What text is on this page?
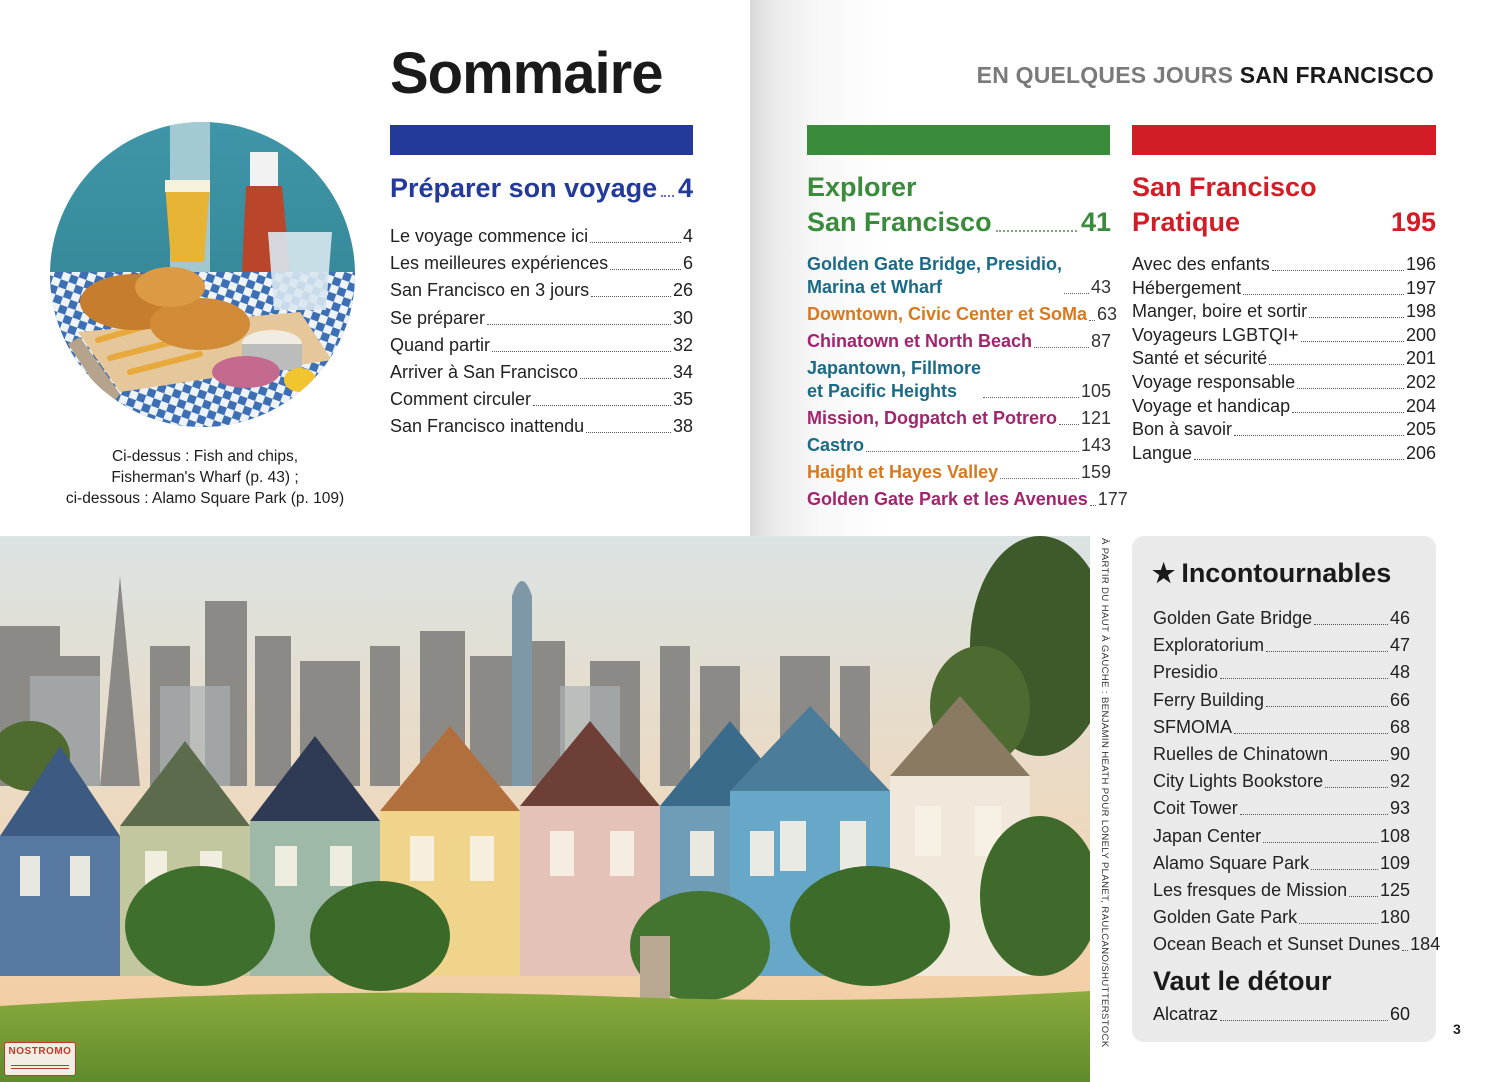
Sommaire	EN QUELQUES JOURS SAN FRANCISCO
Préparer son voyage 4
Le voyage commence ici	4
Les meilleures expériences	6
San Francisco en 3 jours	26
Se préparer	30
Quand partir	32
Arriver à San Francisco	34
Comment circuler	35
San Francisco inattendu	38
Explorer
San Francisco	41
Golden Gate Bridge, Presidio,
Marina et Wharf	43
Downtown, Civic Center et SoMa 63
Chinatown et North Beach	87
Japantown, Fillmore
et Pacific Heights	105
Mission, Dogpatch et Potrero 121
Castro	143
Haight et Hayes Valley	159
Golden Gate Park et les Avenues 177
San Francisco
Pratique	195
Avec des enfants	196
Hébergement	197
Manger, boire et sortir	198
Voyageurs LGBTQI+	200
Santé et sécurité	201
Voyage responsable	202
Voyage et handicap	204
Bon à savoir	205
Langue	206
Ci-dessus : Fish and chips,
Fisherman's Wharf (p. 43) ;
ci-dessous : Alamo Square Park (p. 109)
À PARTIR DU HAUT À GAUCHE : BENJAMIN HEATH POUR LONELY PLANET, RAULCANO/SHUTTERSTOCK ★ Incontournables
Golden Gate Bridge	46
Exploratorium	47
Presidio	48
Ferry Building	66
SFMOMA	68
Ruelles de Chinatown	90
City Lights Bookstore	92
Coit Tower	93
Japan Center	108
Alamo Square Park	109
Les fresques de Mission 125
Golden Gate Park	180
Ocean Beach et Sunset Dunes 184
Vaut le détour
Alcatraz	60
3
NOSTROMO
